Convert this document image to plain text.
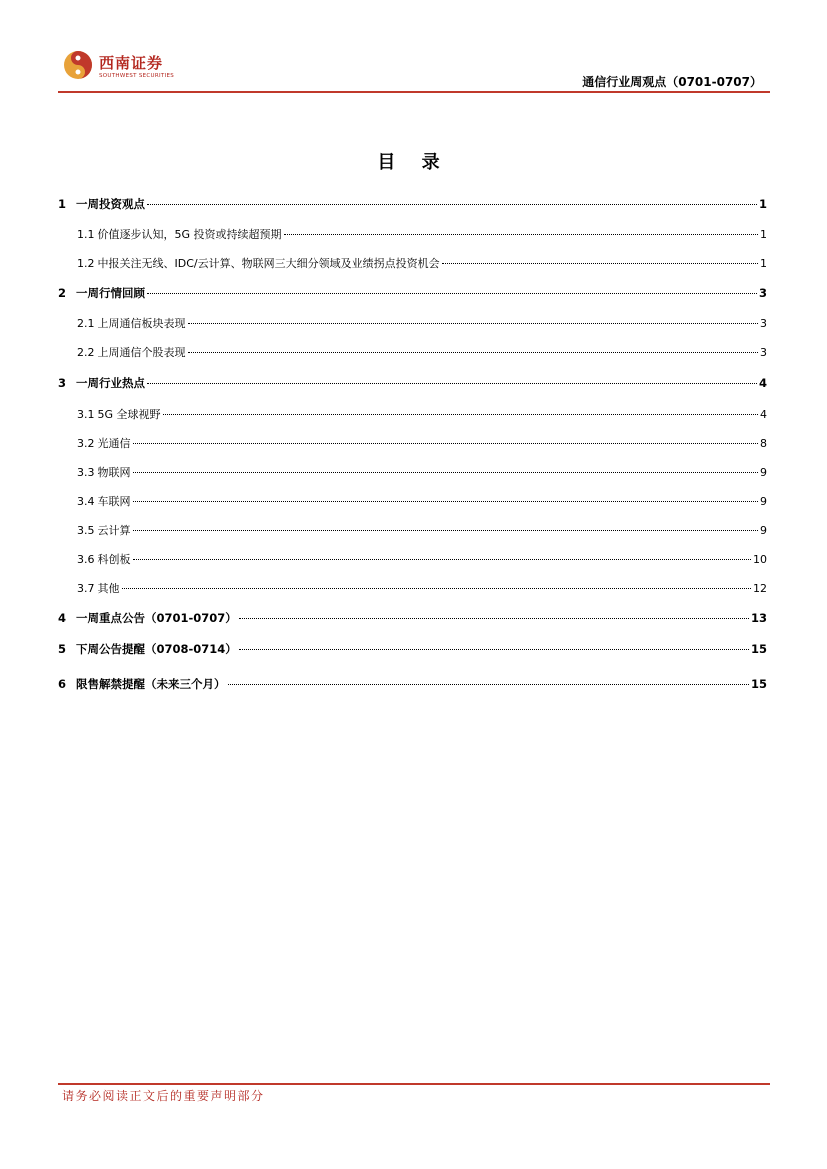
西南证券
SOUTHWEST SECURITIES	通信行业周观点（0701-0707）
目 录
1 一周投资观点	1
1.1 价值逐步认知，5G 投资或持续超预期	1
1.2 中报关注无线、IDC/云计算、物联网三大细分领域及业绩拐点投资机会	1
2 一周行情回顾	3
2.1 上周通信板块表现	3
2.2 上周通信个股表现	3
3 一周行业热点	4
3.1 5G 全球视野	4
3.2 光通信	8
3.3 物联网	9
3.4 车联网	9
3.5 云计算	9
3.6 科创板	10
3.7 其他	12
4 一周重点公告（0701-0707）	13
5 下周公告提醒（0708-0714）	15
6 限售解禁提醒（未来三个月）	15
请务必阅读正文后的重要声明部分
